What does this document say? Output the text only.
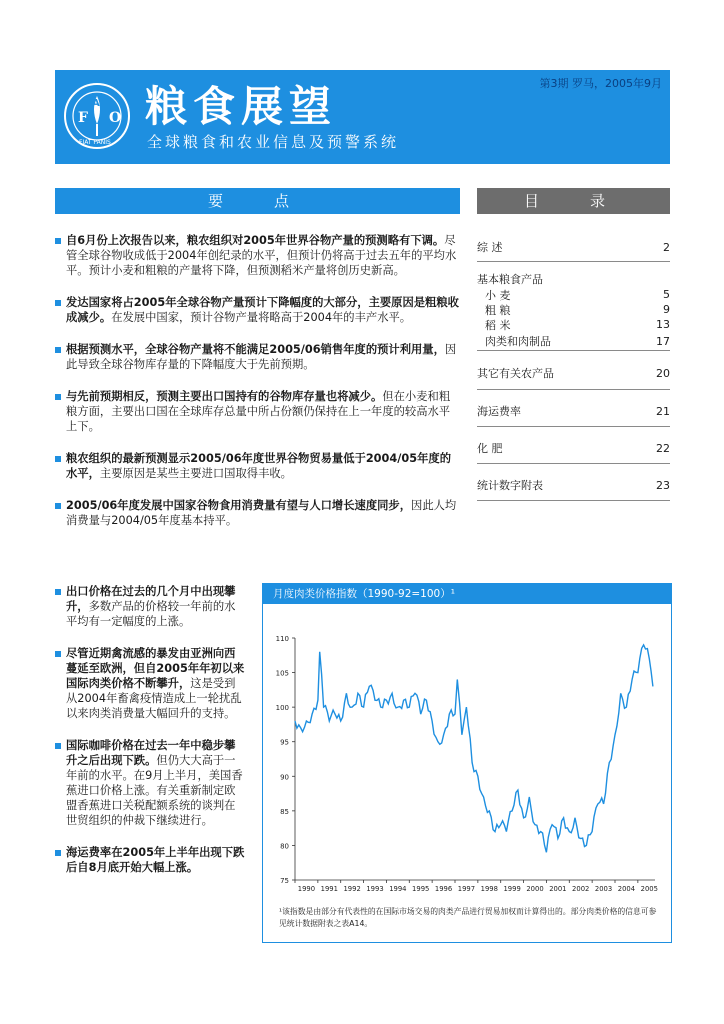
F O
A
FIAT PANIS
第3期 罗马，2005年9月
粮食展望
全球粮食和农业信息及预警系统
要　点	目　录
自6月份上次报告以来，粮农组织对2005年世界谷物产量的预测略有下调。尽管全球谷物收成低于2004年创纪录的水平，但预计仍将高于过去五年的平均水平。预计小麦和粗粮的产量将下降，但预测稻米产量将创历史新高。
发达国家将占2005年全球谷物产量预计下降幅度的大部分，主要原因是粗粮收成减少。在发展中国家，预计谷物产量将略高于2004年的丰产水平。
根据预测水平，全球谷物产量将不能满足2005/06销售年度的预计利用量，因此导致全球谷物库存量的下降幅度大于先前预期。
与先前预期相反，预测主要出口国持有的谷物库存量也将减少。但在小麦和粗粮方面，主要出口国在全球库存总量中所占份额仍保持在上一年度的较高水平上下。
粮农组织的最新预测显示2005/06年度世界谷物贸易量低于2004/05年度的水平，主要原因是某些主要进口国取得丰收。
2005/06年度发展中国家谷物食用消费量有望与人口增长速度同步，因此人均消费量与2004/05年度基本持平。
出口价格在过去的几个月中出现攀升，多数产品的价格较一年前的水平均有一定幅度的上涨。
尽管近期禽流感的暴发由亚洲向西蔓延至欧洲，但自2005年年初以来国际肉类价格不断攀升，这是受到从2004年畜禽疫情造成上一轮扰乱以来肉类消费量大幅回升的支持。
国际咖啡价格在过去一年中稳步攀升之后出现下跌。但仍大大高于一年前的水平。在9月上半月，美国香蕉进口价格上涨。有关重新制定欧盟香蕉进口关税配额系统的谈判在世贸组织的仲裁下继续进行。
海运费率在2005年上半年出现下跌后自8月底开始大幅上涨。
综 述	2
基本粮食产品
小 麦	5
粗 粮	9
稻 米	13
肉类和肉制品	17
其它有关农产品	20
海运费率	21
化 肥	22
统计数字附表	23
月度肉类价格指数（1990-92=100）¹
75
80
85
90
95
100
105
110
1990 1991 1992 1993 1994 1995 1996 1997 1998 1999 2000 2001 2002 2003 2004 2005
¹该指数是由部分有代表性的在国际市场交易的肉类产品进行贸易加权而计算得出的。部分肉类价格的信息可参见统计数据附表之表A14。
